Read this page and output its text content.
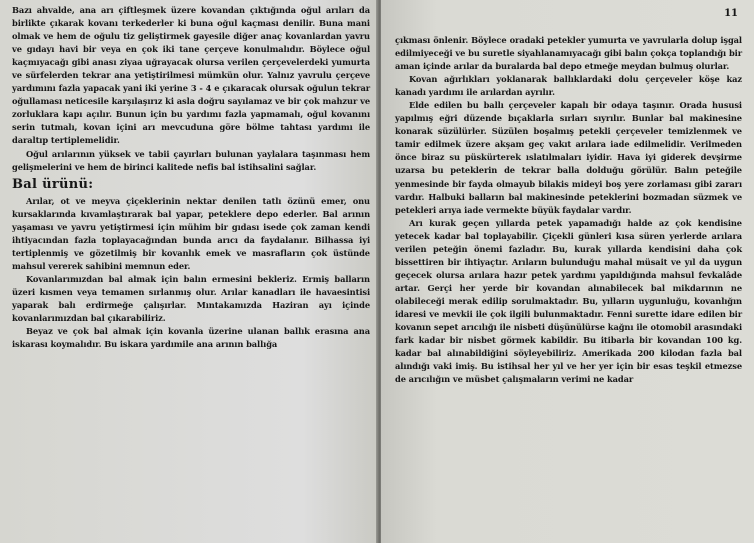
Bazı ahvalde, ana arı çiftleşmek üzere kovandan çıktığında oğul arıları da birlikte çıkarak kovanı terkederler ki buna oğul kaçması denilir. Buna mani olmak ve hem de oğulu tiz geliştirmek gayesile diğer anaç kovanlardan yavru ve gıdayı havi bir veya en çok iki tane çerçeve konulmalıdır. Böylece oğul kaçmıyacağı gibi anası ziyaa uğrayacak olursa verilen çerçevelerdeki yumurta ve sürfelerden tekrar ana yetiştirilmesi mümkün olur. Yalnız yavrulu çerçeve yardımını fazla yapacak yani iki yerine 3 - 4 e çıkaracak olursak oğulun tekrar oğullaması neticesile karşılaşırız ki asla doğru sayılamaz ve bir çok mahzur ve zorluklara kapı açılır. Bunun için bu yardımı fazla yapmamalı, oğul kovanını serin tutmalı, kovan içini arı mevcuduna göre bölme tahtası yardımı ile daraltıp tertiplemelidir.

Oğul arılarının yüksek ve tabii çayırları bulunan yaylalara taşınması hem gelişmelerini ve hem de birinci kalitede nefis bal istihsalini sağlar.

Bal ürünü:

Arılar, ot ve meyva çiçeklerinin nektar denilen tatlı özünü emer, onu kursaklarında kıvamlaştırarak bal yapar, peteklere depo ederler. Bal arının yaşaması ve yavru yetiştirmesi için mühim bir gıdası isede çok zaman kendi ihtiyacından fazla toplayacağından bunda arıcı da faydalanır. Bilhassa iyi tertiplenmiş ve gözetilmiş bir kovanlık emek ve masrafların çok üstünde mahsul vererek sahibini memnun eder.

Kovanlarımızdan bal almak için balın ermesini bekleriz. Ermiş balların üzeri kısmen veya temamen sırlanmış olur. Arılar kanadları ile havaesintisi yaparak balı erdirmeğe çalışırlar. Mıntakamızda Haziran ayı içinde kovanlarımızdan bal çıkarabiliriz.

Beyaz ve çok bal almak için kovanla üzerine ulanan ballık erasına ana iskarası koymalıdır. Bu iskara yardımile ana arının ballığa

11

çıkması önlenir. Böylece oradaki petekler yumurta ve yavrularla dolup işgal edilmiyeceği ve bu suretle siyahlanamıyacağı gibi balın çokça toplandığı bir aman içinde arılar da buralarda bal depo etmeğe meydan bulmuş olurlar.

Kovan ağırlıkları yoklanarak ballıklardaki dolu çerçeveler köşe kaz kanadı yardımı ile arılardan ayrılır.

Elde edilen bu ballı çerçeveler kapalı bir odaya taşınır. Orada hususi yapılmış eğri düzende bıçaklarla sırları sıyrılır. Bunlar bal makinesine konarak süzülürler. Süzülen boşalmış petekli çerçeveler temizlenmek ve tamir edilmek üzere akşam geç vakıt arılara iade edilmelidir. Verilmeden önce biraz su püskürterek ıslatılmaları iyidir. Hava iyi giderek devşirme uzarsa bu peteklerin de tekrar balla dolduğu görülür. Balın peteğile yenmesinde bir fayda olmayub bilakis mideyi boş yere zorlaması gibi zararı vardır. Halbuki balların bal makinesinde peteklerini bozmadan süzmek ve petekleri arıya iade vermekte büyük faydalar vardır.

Arı kurak geçen yıllarda petek yapamadığı halde az çok kendisine yetecek kadar bal toplayabilir. Çiçekli günleri kısa süren yerlerde arılara verilen peteğin önemi fazladır. Bu, kurak yıllarda kendisini daha çok bissettiren bir ihtiyaçtır. Arıların bulunduğu mahal müsait ve yıl da uygun geçecek olursa arılara hazır petek yardımı yapıldığında mahsul fevkalâde artar. Gerçi her yerde bir kovandan alınabilecek bal mikdarının ne olabileceği merak edilip sorulmaktadır. Bu, yılların uygunluğu, kovanlığın idaresi ve mevkii ile çok ilgili bulunmaktadır. Fenni surette idare edilen bir kovanın sepet arıcılığı ile nisbeti düşünülürse kağnı ile otomobil arasındaki fark kadar bir nisbet görmek kabildir. Bu itibarla bir kovandan 100 kg. kadar bal alınabildiğini söyleyebiliriz. Amerikada 200 kilodan fazla bal alındığı vaki imiş. Bu istihsal her yıl ve her yer için bir esas teşkil etmezse de arıcılığın ve müsbet çalışmaların verimi ne kadar
